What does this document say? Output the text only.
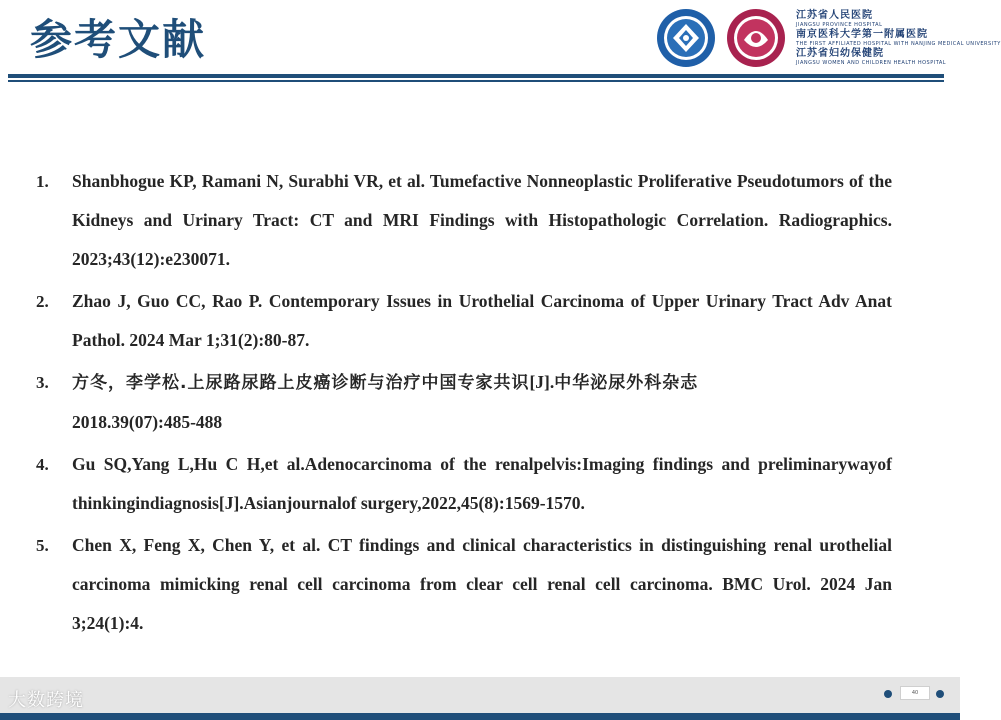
参考文献	江苏省人民医院
JIANGSU PROVINCE HOSPITAL
南京医科大学第一附属医院
THE FIRST AFFILIATED HOSPITAL WITH NANJING MEDICAL UNIVERSITY
江苏省妇幼保健院
JIANGSU WOMEN AND CHILDREN HEALTH HOSPITAL
1. Shanbhogue KP, Ramani N, Surabhi VR, et al. Tumefactive Nonneoplastic Proliferative Pseudotumors of the Kidneys and Urinary Tract: CT and MRI Findings with Histopathologic Correlation. Radiographics. 2023;43(12):e230071.
2. Zhao J, Guo CC, Rao P. Contemporary Issues in Urothelial Carcinoma of Upper Urinary Tract Adv Anat Pathol. 2024 Mar 1;31(2):80-87.
3. 方冬，李学松.上尿路尿路上皮癌诊断与治疗中国专家共识[J].中华泌尿外科杂志
2018.39(07):485-488
4. Gu SQ,Yang L,Hu C H,et al.Adenocarcinoma of the renalpelvis:Imaging findings and preliminarywayof thinkingindiagnosis[J].Asianjournalof surgery,2022,45(8):1569-1570.
5. Chen X, Feng X, Chen Y, et al. CT findings and clinical characteristics in distinguishing renal urothelial carcinoma mimicking renal cell carcinoma from clear cell renal cell carcinoma. BMC Urol. 2024 Jan 3;24(1):4.
大数跨境	40
